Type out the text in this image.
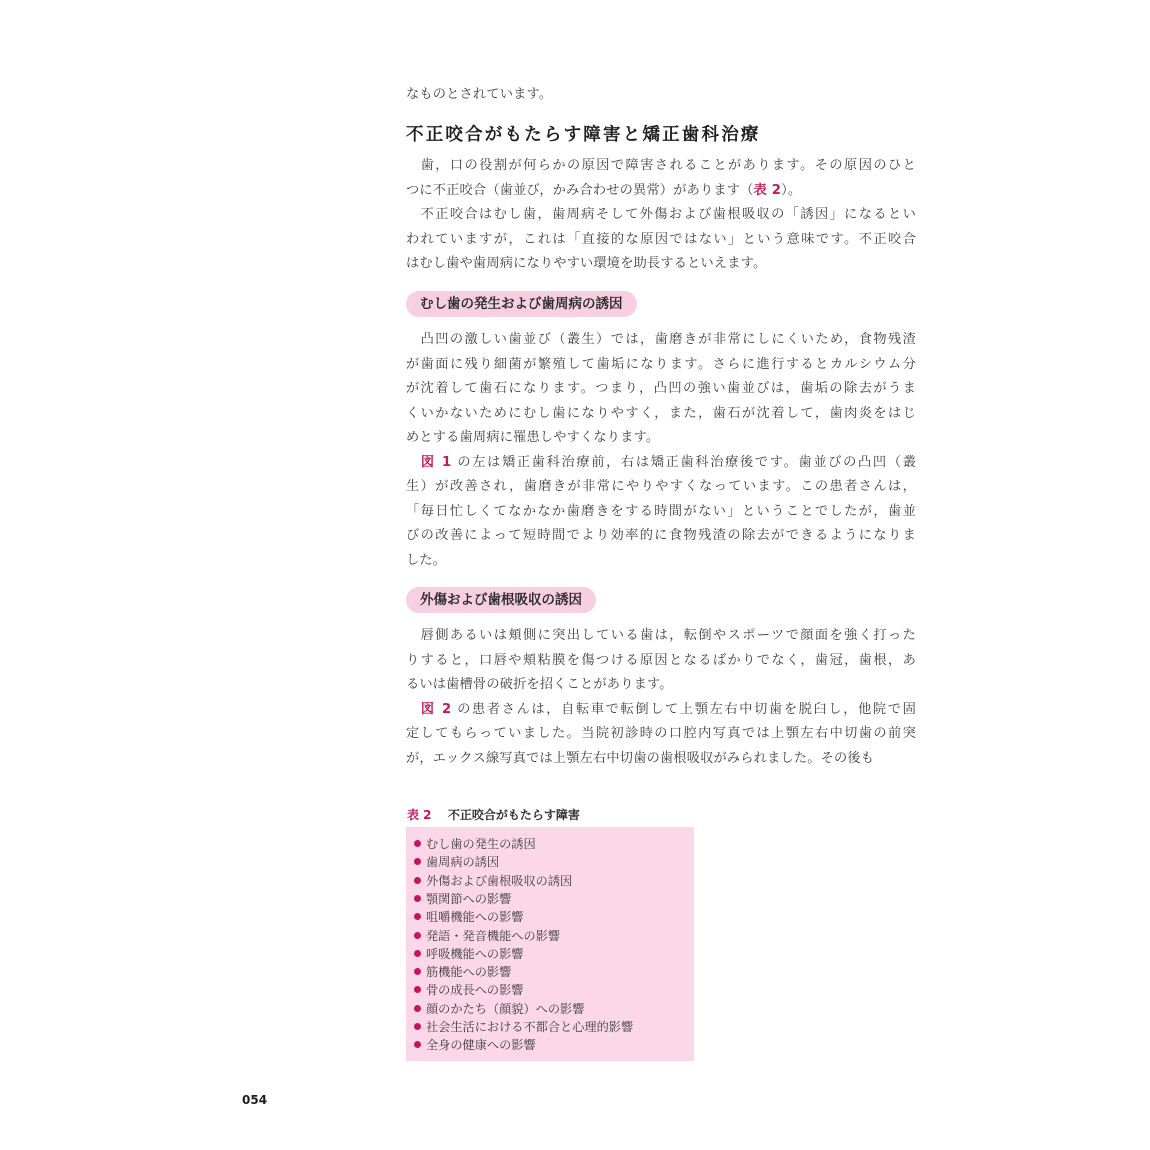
なものとされています。
不正咬合がもたらす障害と矯正歯科治療
　歯，口の役割が何らかの原因で障害されることがあります。その原因のひと
つに不正咬合（歯並び，かみ合わせの異常）があります（表 2）。
　不正咬合はむし歯，歯周病そして外傷および歯根吸収の「誘因」になるとい
われていますが，これは「直接的な原因ではない」という意味です。不正咬合
はむし歯や歯周病になりやすい環境を助長するといえます。
むし歯の発生および歯周病の誘因
　凸凹の激しい歯並び（叢生）では，歯磨きが非常にしにくいため，食物残渣
が歯面に残り細菌が繁殖して歯垢になります。さらに進行するとカルシウム分
が沈着して歯石になります。つまり，凸凹の強い歯並びは，歯垢の除去がうま
くいかないためにむし歯になりやすく，また，歯石が沈着して，歯肉炎をはじ
めとする歯周病に罹患しやすくなります。
　図 1 の左は矯正歯科治療前，右は矯正歯科治療後です。歯並びの凸凹（叢
生）が改善され，歯磨きが非常にやりやすくなっています。この患者さんは，
「毎日忙しくてなかなか歯磨きをする時間がない」ということでしたが，歯並
びの改善によって短時間でより効率的に食物残渣の除去ができるようになりま
した。
外傷および歯根吸収の誘因
　唇側あるいは頬側に突出している歯は，転倒やスポーツで顔面を強く打った
りすると，口唇や頬粘膜を傷つける原因となるばかりでなく，歯冠，歯根，あ
るいは歯槽骨の破折を招くことがあります。
　図 2 の患者さんは，自転車で転倒して上顎左右中切歯を脱臼し，他院で固
定してもらっていました。当院初診時の口腔内写真では上顎左右中切歯の前突
が，エックス線写真では上顎左右中切歯の歯根吸収がみられました。その後も
表 2 不正咬合がもたらす障害
むし歯の発生の誘因
歯周病の誘因
外傷および歯根吸収の誘因
顎関節への影響
咀嚼機能への影響
発語・発音機能への影響
呼吸機能への影響
筋機能への影響
骨の成長への影響
顔のかたち（顔貌）への影響
社会生活における不都合と心理的影響
全身の健康への影響
054
